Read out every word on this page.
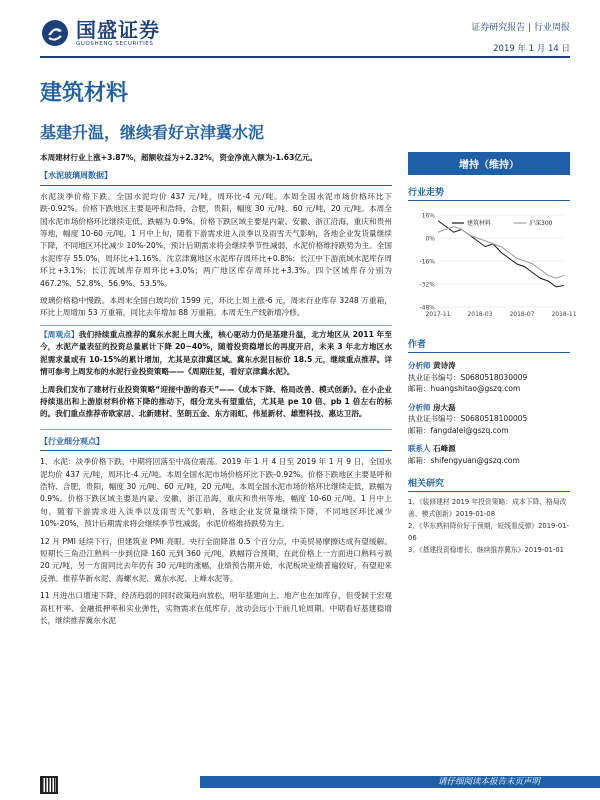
国盛证券
GUOSHENG SECURITIES
证券研究报告 | 行业周报
2019 年 1 月 14 日
建筑材料
基建升温，继续看好京津冀水泥
本周建材行业上涨+3.87%，超额收益为+2.32%，资金净流入额为-1.63亿元。
【水泥玻璃周数据】
水泥淡季价格下跌。全国水泥均价 437 元/吨，周环比-4 元/吨。本周全国水泥市场价格环比下跌-0.92%。价格下跌地区主要是呼和浩特、合肥，贵阳，幅度 30 元/吨、60 元/吨，20 元/吨。本周全国水泥市场价格环比继续走低，跌幅为 0.9%。价格下跌区域主要是内蒙、安徽、浙江沿海，重庆和贵州等地，幅度 10-60 元/吨。1 月中上旬，随着下游需求进入淡季以及雨雪天气影响，各地企业发货量继续下降，不同地区环比减少 10%-20%，预计后期需求将会继续季节性减弱，水泥价格维持跌势为主。全国水泥库存 55.0%，周环比+1.16%。沈京津冀地区水泥库存周环比+0.8%；长江中下游流域水泥库存周环比+3.1%；长江流域库存周环比+3.0%；两广地区库存周环比+3.3%。四个区域库存分别为 467.2%、52.8%、56.9%、53.5%。
玻璃价格稳中慢跌。本周末全国白玻均价 1599 元，环比上周上涨-6 元，周末行业库存 3248 万重箱，环比上周增加 53 万重箱，同比去年增加 88 万重箱。本周无生产线新增冷修。
【周观点】我们持续重点推荐的冀东水泥上周大涨，核心驱动力仍是基建升温，北方地区从 2011 年至今，水泥产量表征的投资总量累计下降 20~40%，随着投资稳增长的再度开启，未来 3 年北方地区水泥需求量或有 10-15%的累计增加，尤其是京津冀区域。冀东水泥目标价 18.5 元，继续重点推荐。详情可参考上周发布的水泥行业投资策略——《周期往复，看好京津冀水泥》。
上周我们发布了建材行业投资策略“迎接中游的春天”——《成本下降、格局改善、模式创新》。在小企业持续退出和上游原材料价格下降的推动下，细分龙头有望重估，尤其是 pe 10 倍、pb 1 倍左右的标的。我们重点推荐帝欧家居、北新建材、坚朗五金、东方雨虹、伟星新材、雄塑科技、惠达卫浴。
【行业细分观点】
1、水泥：淡季价格下跌，中期将回落至中高位震荡。2019 年 1 月 4 日至 2019 年 1 月 9 日，全国水泥均价 437 元/吨，周环比-4 元/吨。本周全国水泥市场价格环比下跌-0.92%。价格下跌地区主要是呼和浩特、合肥，贵阳，幅度 30 元/吨、60 元/吨，20 元/吨。本周全国水泥市场价格环比继续走低，跌幅为 0.9%。价格下跌区域主要是内蒙、安徽、浙江沿海，重庆和贵州等地，幅度 10-60 元/吨。1 月中上旬，随着下游需求进入淡季以及雨雪天气影响，各地企业发货量继续下降，不同地区环比减少 10%-20%，预计后期需求将会继续季节性减弱，水泥价格维持跌势为主。
12 月 PMI 延续下行，但建筑业 PMI 亮眼。央行全面降准 0.5 个百分点，中美贸易摩擦达成有望缓解。短期长三角沿江熟料一步到位降 160 元到 360 元/吨，跌幅符合预期，在此价格上一方面进口熟料亏损 20 元/吨，另一方面同比去年仍有 30 元/吨的涨幅，业绩预告期开始，水泥板块业绩普遍较好，有望迎来反弹。推荐华新水泥、海螺水泥、冀东水泥、上峰水泥等。
11 月进出口增速下降，经济趋弱的同时政策趋向放松，明年基建向上、地产也在加库存，但受制于宏观高杠杆率、金融抵押率和实业弹性，实物需求在低库存，波动会远小于前几轮周期。中期看好基建稳增长，继续推荐冀东水泥
增持（维持）
行业走势
16%
0%
-16%
-32%
-48%
2017-11	2018-03	2018-07	2018-11
建筑材料	沪深300
作者
分析师 黄诗涛
执业证书编号：S0680518030009
邮箱：huangshitao@gszq.com
分析师 房大磊
执业证书编号：S0680518100005
邮箱：fangdalei@gszq.com
联系人 石峰源
邮箱：shifengyuan@gszq.com
相关研究
1、《装修建材 2019 年投资策略：成本下降、格局改善、模式创新》2019-01-08
2、《华东熟料降价好于预期，短线看反弹》2019-01-06
3、《基建投资稳增长，继续推荐冀东》2019-01-01
请仔细阅读本报告末页声明
